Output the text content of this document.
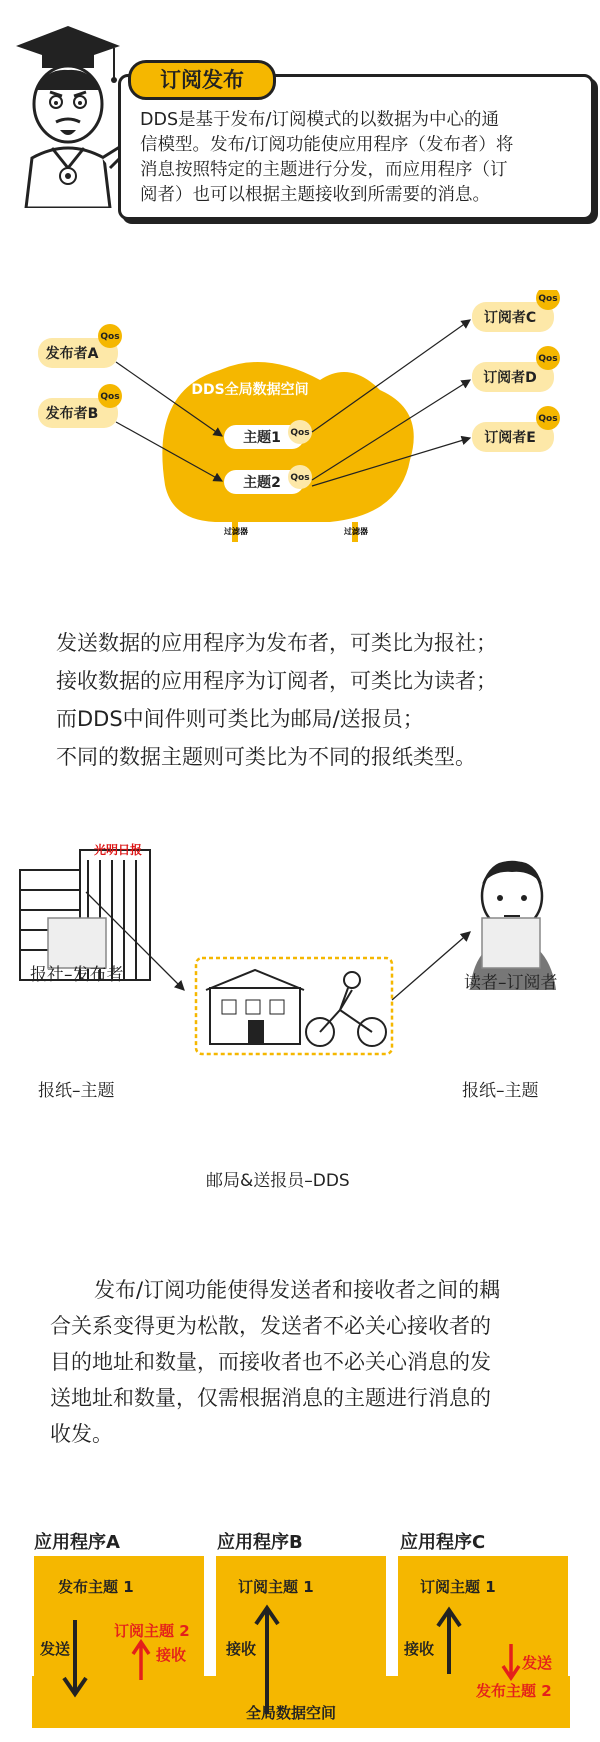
订阅发布
DDS是基于发布/订阅模式的以数据为中心的通
信模型。发布/订阅功能使应用程序（发布者）将
消息按照特定的主题进行分发，而应用程序（订
阅者）也可以根据主题接收到所需要的消息。
DDS全局数据空间
过滤器	过滤器
主题1 Qos
主题2 Qos
发布者A
Qos
发布者B
Qos
订阅者C
Qos
订阅者D
Qos
订阅者E
Qos
发送数据的应用程序为发布者，可类比为报社；
接收数据的应用程序为订阅者，可类比为读者；
而DDS中间件则可类比为邮局/送报员；
不同的数据主题则可类比为不同的报纸类型。
光明日报
报社–发布者	读者–订阅者
报纸–主题	报纸–主题
邮局&送报员–DDS
发布/订阅功能使得发送者和接收者之间的耦
合关系变得更为松散，发送者不必关心接收者的
目的地址和数量，而接收者也不必关心消息的发
送地址和数量，仅需根据消息的主题进行消息的
收发。
应用程序A	应用程序B	应用程序C
全局数据空间
发布主题 1
发送
订阅主题 2
接收
订阅主题 1
接收
订阅主题 1
接收
发送
发布主题 2
